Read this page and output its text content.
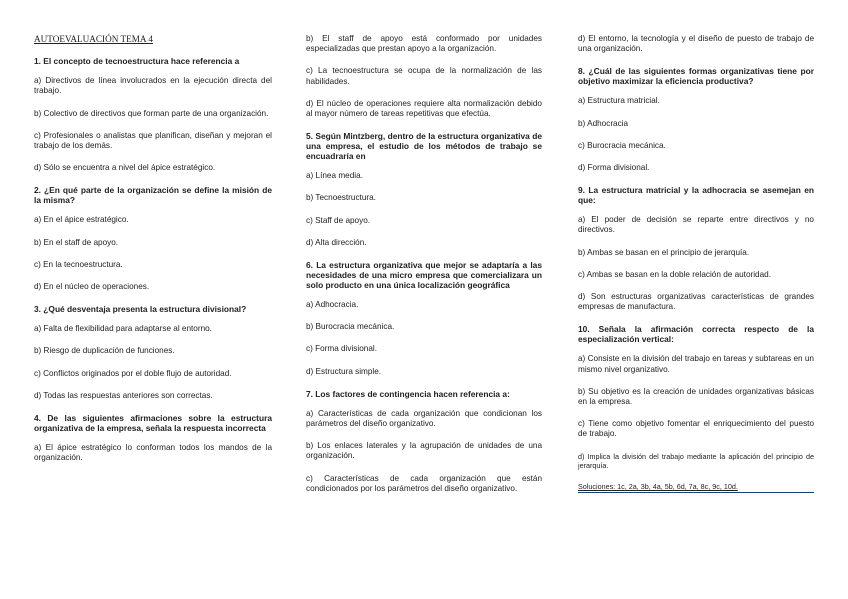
AUTOEVALUACIÓN TEMA 4

1. El concepto de tecnoestructura hace referencia a

a) Directivos de línea involucrados en la ejecución directa del trabajo.

b) Colectivo de directivos que forman parte de una organización.

c) Profesionales o analistas que planifican, diseñan y mejoran el trabajo de los demás.

d) Sólo se encuentra a nivel del ápice estratégico.

2. ¿En qué parte de la organización se define la misión de la misma?

a) En el ápice estratégico.

b) En el staff de apoyo.

c) En la tecnoestructura.

d) En el núcleo de operaciones.

3. ¿Qué desventaja presenta la estructura divisional?

a) Falta de flexibilidad para adaptarse al entorno.

b) Riesgo de duplicación de funciones.

c) Conflictos originados por el doble flujo de autoridad.

d) Todas las respuestas anteriores son correctas.

4. De las siguientes afirmaciones sobre la estructura organizativa de la empresa, señala la respuesta incorrecta

a) El ápice estratégico lo conforman todos los mandos de la organización.

b) El staff de apoyo está conformado por unidades especializadas que prestan apoyo a la organización.

c) La tecnoestructura se ocupa de la normalización de las habilidades.

d) El núcleo de operaciones requiere alta normalización debido al mayor número de tareas repetitivas que efectúa.

5. Según Mintzberg, dentro de la estructura organizativa de una empresa, el estudio de los métodos de trabajo se encuadraría en

a) Línea media.

b) Tecnoestructura.

c) Staff de apoyo.

d) Alta dirección.

6. La estructura organizativa que mejor se adaptaría a las necesidades de una micro empresa que comercializara un solo producto en una única localización geográfica

a) Adhocracia.

b) Burocracia mecánica.

c) Forma divisional.

d) Estructura simple.

7. Los factores de contingencia hacen referencia a:

a) Características de cada organización que condicionan los parámetros del diseño organizativo.

b) Los enlaces laterales y la agrupación de unidades de una organización.

c) Características de cada organización que están condicionados por los parámetros del diseño organizativo.

d) El entorno, la tecnología y el diseño de puesto de trabajo de una organización.

8. ¿Cuál de las siguientes formas organizativas tiene por objetivo maximizar la eficiencia productiva?

a) Estructura matricial.

b) Adhocracia

c) Burocracia mecánica.

d) Forma divisional.

9. La estructura matricial y la adhocracia se asemejan en que:

a) El poder de decisión se reparte entre directivos y no directivos.

b) Ambas se basan en el principio de jerarquía.

c) Ambas se basan en la doble relación de autoridad.

d) Son estructuras organizativas características de grandes empresas de manufactura.

10. Señala la afirmación correcta respecto de la especialización vertical:

a) Consiste en la división del trabajo en tareas y subtareas en un mismo nivel organizativo.

b) Su objetivo es la creación de unidades organizativas básicas en la empresa.

c) Tiene como objetivo fomentar el enriquecimiento del puesto de trabajo.

d) Implica la división del trabajo mediante la aplicación del principio de jerarquía.

Soluciones: 1c, 2a, 3b, 4a, 5b, 6d, 7a, 8c, 9c, 10d.
